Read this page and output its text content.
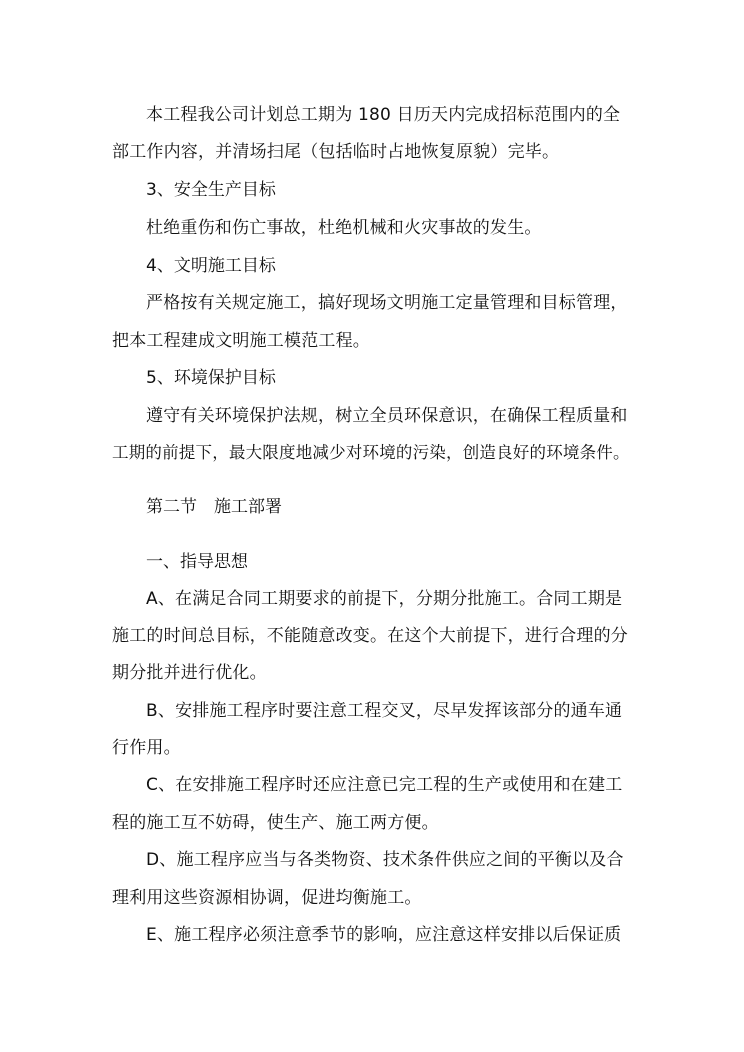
本工程我公司计划总工期为 180 日历天内完成招标范围内的全
部工作内容，并清场扫尾（包括临时占地恢复原貌）完毕。
3、安全生产目标
杜绝重伤和伤亡事故，杜绝机械和火灾事故的发生。
4、文明施工目标
严格按有关规定施工，搞好现场文明施工定量管理和目标管理，
把本工程建成文明施工模范工程。
5、环境保护目标
遵守有关环境保护法规，树立全员环保意识，在确保工程质量和
工期的前提下，最大限度地减少对环境的污染，创造良好的环境条件。
第二节　施工部署
一、指导思想
A、在满足合同工期要求的前提下，分期分批施工。合同工期是
施工的时间总目标，不能随意改变。在这个大前提下，进行合理的分
期分批并进行优化。
B、安排施工程序时要注意工程交叉，尽早发挥该部分的通车通
行作用。
C、在安排施工程序时还应注意已完工程的生产或使用和在建工
程的施工互不妨碍，使生产、施工两方便。
D、施工程序应当与各类物资、技术条件供应之间的平衡以及合
理利用这些资源相协调，促进均衡施工。
E、施工程序必须注意季节的影响，应注意这样安排以后保证质
